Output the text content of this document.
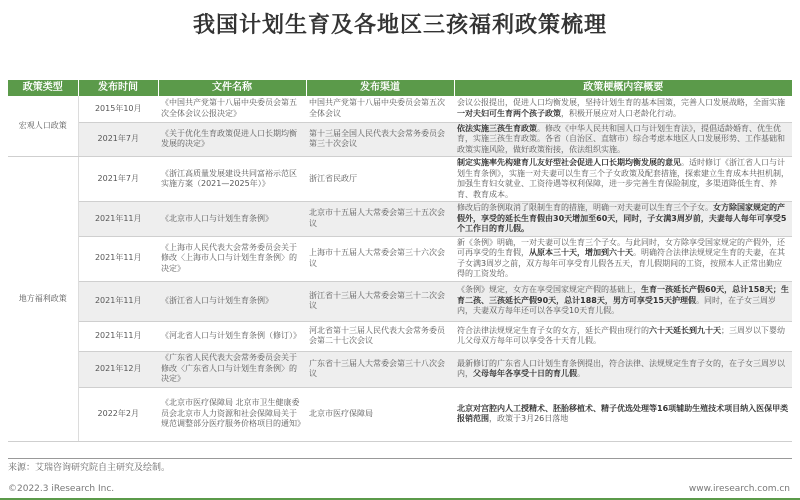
我国计划生育及各地区三孩福利政策梳理
政策类型	发布时间	文件名称	发布渠道	政策梗概内容概要
宏观人口政策	2015年10月	《中国共产党第十八届中央委员会第五次全体会议公报决定》	中国共产党第十八届中央委员会第五次全体会议	会议公报提出，促进人口均衡发展，坚持计划生育的基本国策，完善人口发展战略，全面实施一对夫妇可生育两个孩子政策，积极开展应对人口老龄化行动。
	2021年7月	《关于优化生育政策促进人口长期均衡发展的决定》	第十三届全国人民代表大会常务委员会第三十次会议	依法实施三孩生育政策。修改《中华人民共和国人口与计划生育法》，提倡适龄婚育、优生优育，实施三孩生育政策。各省（自治区、直辖市）综合考虑本地区人口发展形势、工作基础和政策实施风险，做好政策衔接，依法组织实施。
地方福利政策	2021年7月	《浙江高质量发展建设共同富裕示范区实施方案（2021—2025年）》	浙江省民政厅	制定实施率先构建育儿友好型社会促进人口长期均衡发展的意见。适时修订《浙江省人口与计划生育条例》，实施一对夫妻可以生育三个子女政策及配套措施，探索建立生育成本共担机制，加强生育妇女就业、工资待遇等权利保障，进一步完善生育保险制度，多渠道降低生育、养育、教育成本。
	2021年11月	《北京市人口与计划生育条例》	北京市十五届人大常委会第三十五次会议	修改后的条例取消了限制生育的措施，明确一对夫妻可以生育三个子女。女方除国家规定的产假外，享受的延长生育假由30天增加至60天，同时，子女满3周岁前，夫妻每人每年可享受5个工作日的育儿假。
	2021年11月	《上海市人民代表大会常务委员会关于修改〈上海市人口与计划生育条例〉的决定》	上海市十五届人大常委会第三十六次会议	新《条例》明确，一对夫妻可以生育三个子女。与此同时，女方除享受国家规定的产假外，还可再享受的生育假，从原本三十天，增加到六十天。明确符合法律法规规定生育的夫妻，在其子女满3周岁之前，双方每年可享受育儿假各五天，育儿假期间的工资，按照本人正常出勤应得的工资发给。
	2021年11月	《浙江省人口与计划生育条例》	浙江省十三届人大常委会第三十二次会议	《条例》规定，女方在享受国家规定产假的基础上，生育一孩延长产假60天，总计158天；生育二孩、三孩延长产假90天，总计188天，男方可享受15天护理假。同时，在子女三周岁内，夫妻双方每年还可以各享受10天育儿假。
	2021年11月	《河北省人口与计划生育条例（修订）》	河北省第十三届人民代表大会常务委员会第二十七次会议	符合法律法规规定生育子女的女方，延长产假由现行的六十天延长到九十天；三周岁以下婴幼儿父母双方每年可以享受各十天育儿假。
	2021年12月	《广东省人民代表大会常务委员会关于修改〈广东省人口与计划生育条例〉的决定》	广东省十三届人大常委会第三十八次会议	最新修订的广东省人口计划生育条例提出，符合法律、法规规定生育子女的，在子女三周岁以内，父母每年各享受十日的育儿假。
	2022年2月	《北京市医疗保障局 北京市卫生健康委员会北京市人力资源和社会保障局关于规范调整部分医疗服务价格项目的通知》	北京市医疗保障局	北京对宫腔内人工授精术、胚胎移植术、精子优选处理等16项辅助生殖技术项目纳入医保甲类报销范围，政策于3月26日落地
来源：艾瑞咨询研究院自主研究及绘制。
©2022.3 iResearch Inc.	www.iresearch.com.cn
